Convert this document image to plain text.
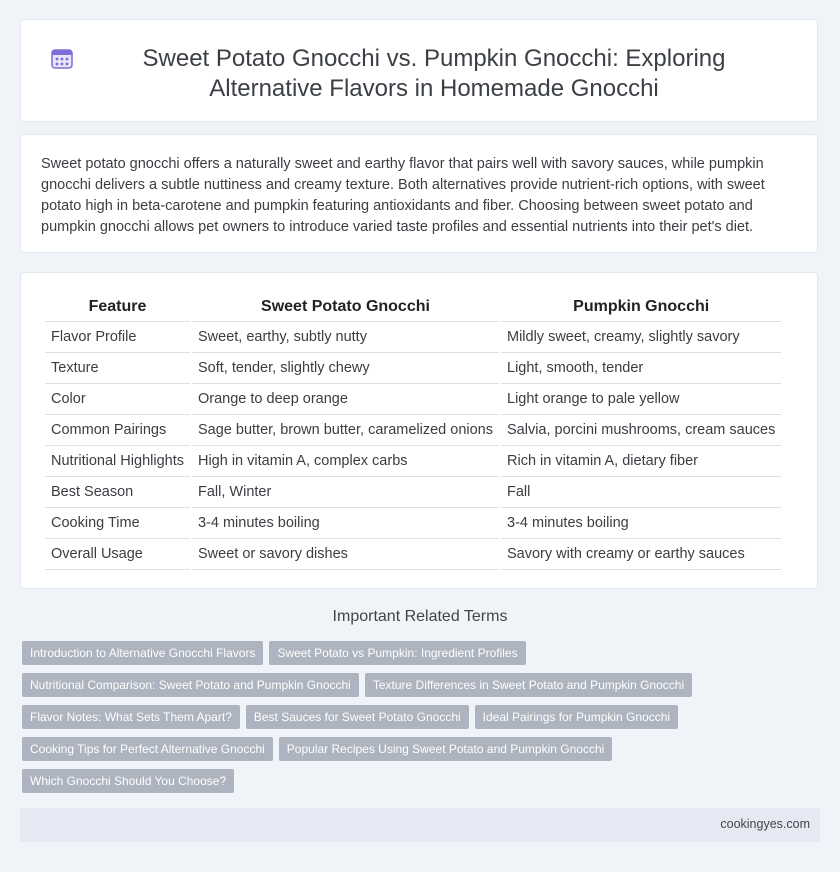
Sweet Potato Gnocchi vs. Pumpkin Gnocchi: Exploring Alternative Flavors in Homemade Gnocchi
Sweet potato gnocchi offers a naturally sweet and earthy flavor that pairs well with savory sauces, while pumpkin gnocchi delivers a subtle nuttiness and creamy texture. Both alternatives provide nutrient-rich options, with sweet potato high in beta-carotene and pumpkin featuring antioxidants and fiber. Choosing between sweet potato and pumpkin gnocchi allows pet owners to introduce varied taste profiles and essential nutrients into their pet's diet.
Feature	Sweet Potato Gnocchi	Pumpkin Gnocchi
Flavor Profile	Sweet, earthy, subtly nutty	Mildly sweet, creamy, slightly savory
Texture	Soft, tender, slightly chewy	Light, smooth, tender
Color	Orange to deep orange	Light orange to pale yellow
Common Pairings	Sage butter, brown butter, caramelized onions	Salvia, porcini mushrooms, cream sauces
Nutritional Highlights	High in vitamin A, complex carbs	Rich in vitamin A, dietary fiber
Best Season	Fall, Winter	Fall
Cooking Time	3-4 minutes boiling	3-4 minutes boiling
Overall Usage	Sweet or savory dishes	Savory with creamy or earthy sauces
Important Related Terms
Introduction to Alternative Gnocchi Flavors	Sweet Potato vs Pumpkin: Ingredient Profiles
Nutritional Comparison: Sweet Potato and Pumpkin Gnocchi	Texture Differences in Sweet Potato and Pumpkin Gnocchi
Flavor Notes: What Sets Them Apart?	Best Sauces for Sweet Potato Gnocchi	Ideal Pairings for Pumpkin Gnocchi
Cooking Tips for Perfect Alternative Gnocchi	Popular Recipes Using Sweet Potato and Pumpkin Gnocchi
Which Gnocchi Should You Choose?
cookingyes.com
